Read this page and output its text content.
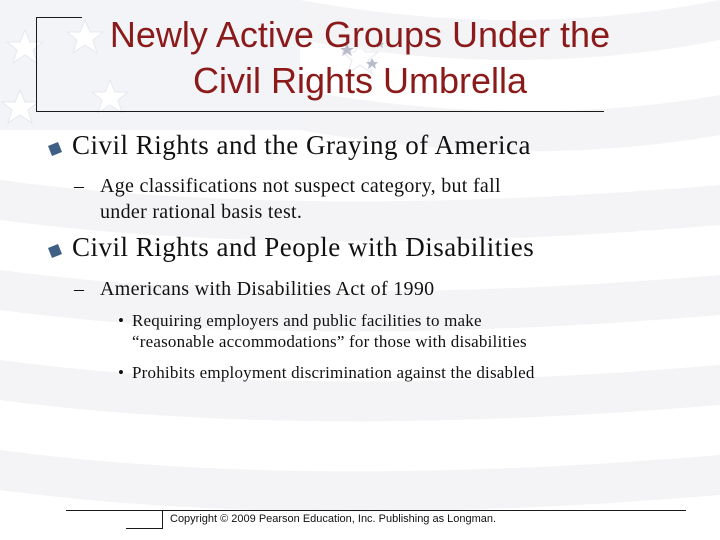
Newly Active Groups Under the
Civil Rights Umbrella
Civil Rights and the Graying of America
– Age classifications not suspect category, but fall
under rational basis test.
Civil Rights and People with Disabilities
– Americans with Disabilities Act of 1990
• Requiring employers and public facilities to make
“reasonable accommodations” for those with disabilities
• Prohibits employment discrimination against the disabled
Copyright © 2009 Pearson Education, Inc. Publishing as Longman.
